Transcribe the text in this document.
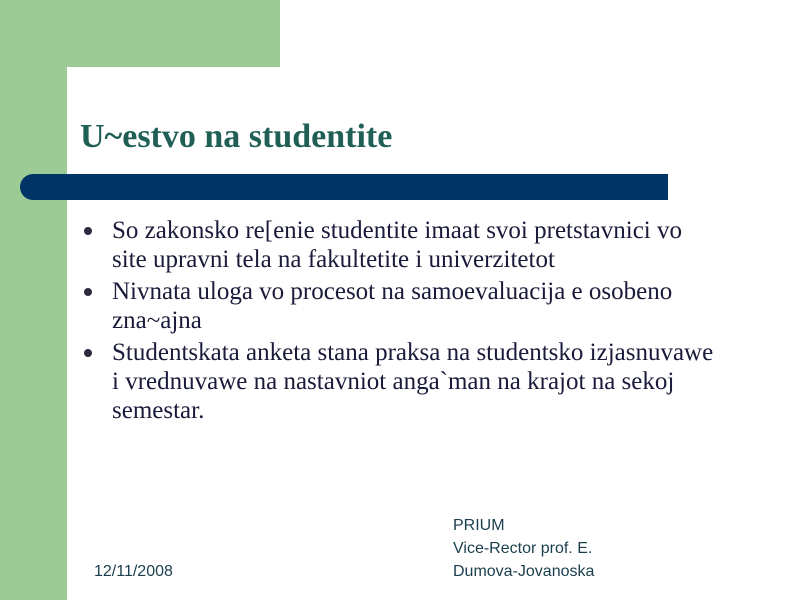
U~estvo na studentite
So zakonsko re[enie studentite imaat svoi pretstavnici vo site upravni tela na fakultetite i univerzitetot
Nivnata uloga vo procesot na samoevaluacija e osobeno zna~ajna
Studentskata anketa stana praksa na studentsko izjasnuvawe i vrednuvawe na nastavniot anga`man na krajot na sekoj semestar.
12/11/2008
PRIUM
Vice-Rector prof. E.
Dumova-Jovanoska
